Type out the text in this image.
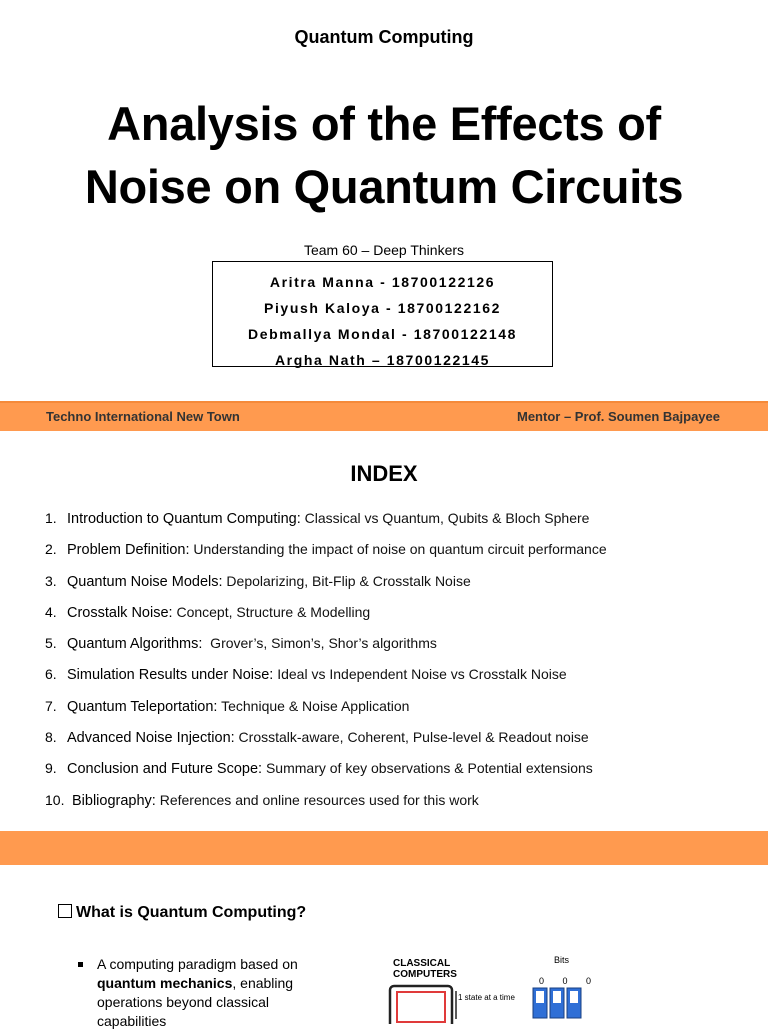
Quantum Computing
Analysis of the Effects of
Noise on Quantum Circuits
Team 60 – Deep Thinkers
Aritra Manna - 18700122126
Piyush Kaloya - 18700122162
Debmallya Mondal - 18700122148
Argha Nath – 18700122145
Techno International New Town	Mentor – Prof. Soumen Bajpayee
INDEX
1. Introduction to Quantum Computing: Classical vs Quantum, Qubits & Bloch Sphere
2. Problem Definition: Understanding the impact of noise on quantum circuit performance
3. Quantum Noise Models: Depolarizing, Bit-Flip & Crosstalk Noise
4. Crosstalk Noise: Concept, Structure & Modelling
5. Quantum Algorithms:  Grover’s, Simon’s, Shor’s algorithms
6. Simulation Results under Noise: Ideal vs Independent Noise vs Crosstalk Noise
7. Quantum Teleportation: Technique & Noise Application
8. Advanced Noise Injection: Crosstalk-aware, Coherent, Pulse-level & Readout noise
9. Conclusion and Future Scope: Summary of key observations & Potential extensions
10. Bibliography: References and online resources used for this work
What is Quantum Computing?
A computing paradigm based on quantum mechanics, enabling operations beyond classical capabilities
CLASSICAL COMPUTERS
Bits
0 0 0
1 state at a time
